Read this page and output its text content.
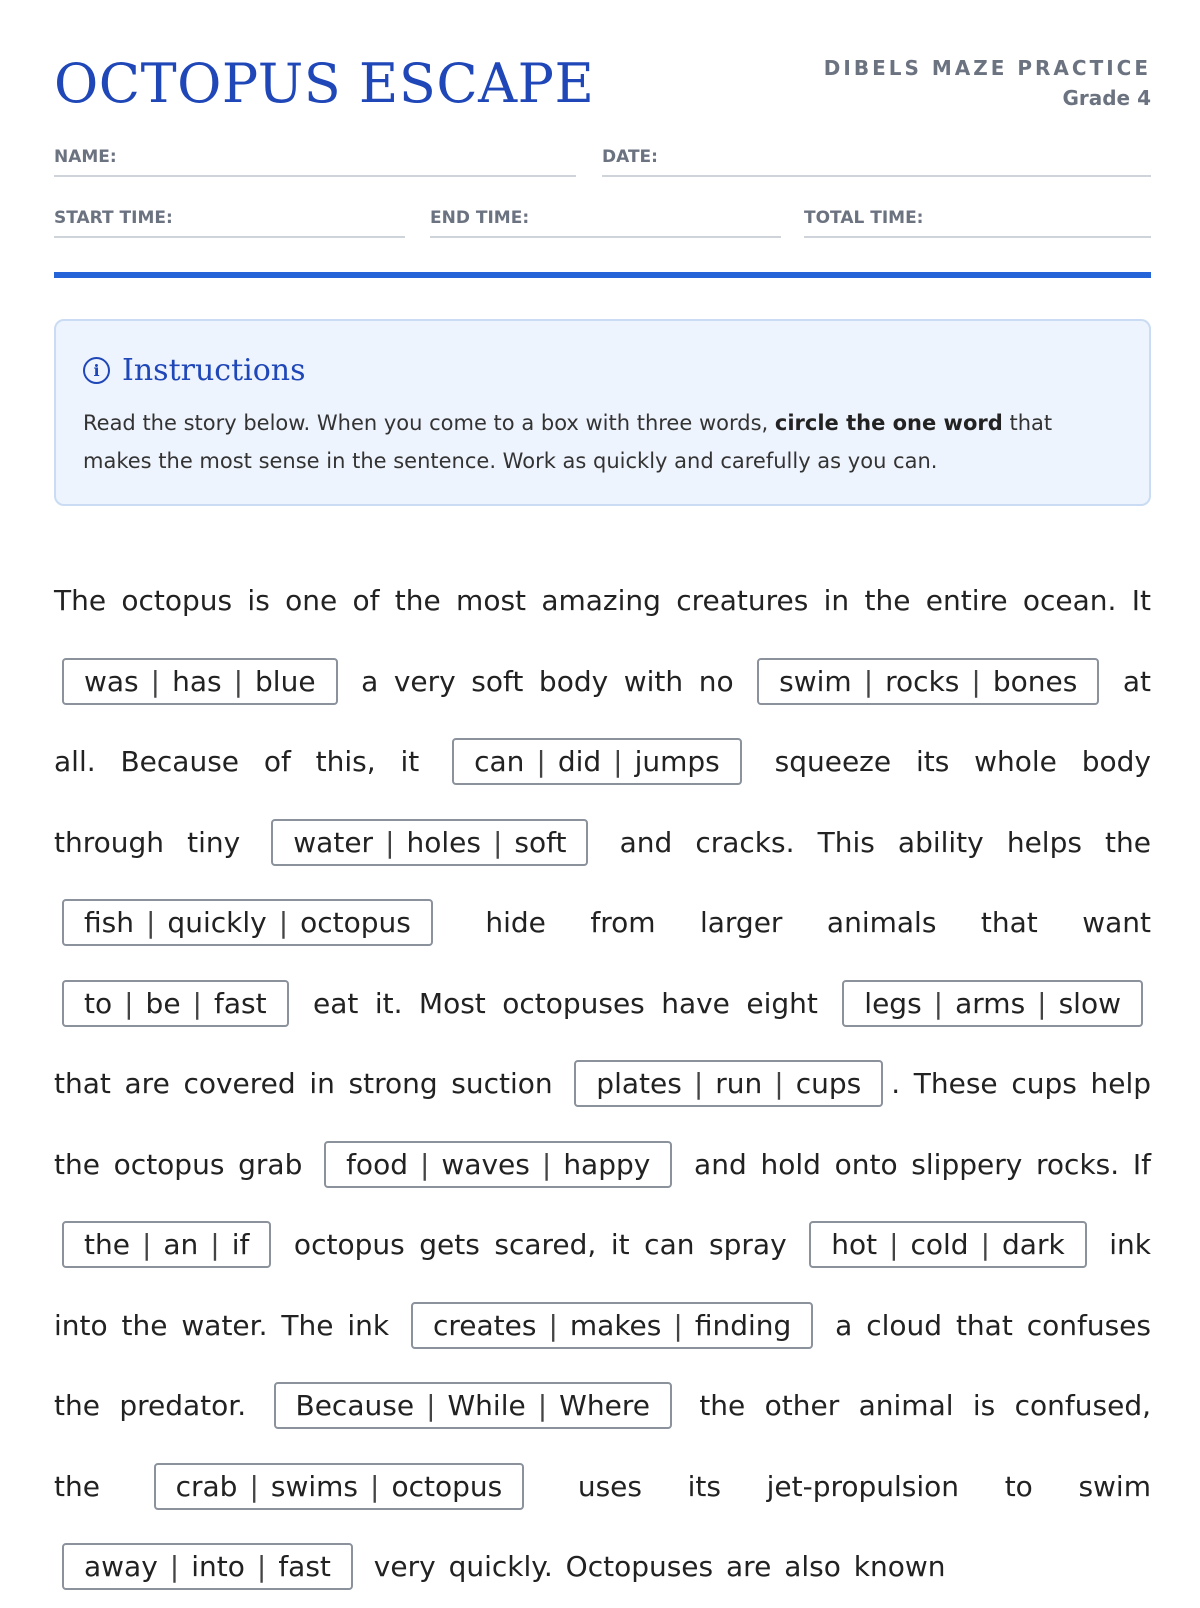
OCTOPUS ESCAPE	DIBELS MAZE PRACTICE
Grade 4
NAME:	DATE:
START TIME:	END TIME:	TOTAL TIME:
i Instructions
Read the story below. When you come to a box with three words, circle the one word that makes the most sense in the sentence. Work as quickly and carefully as you can.
The octopus is one of the most amazing creatures in the entire ocean. It was | has | blue a very soft body with no swim | rocks | bones at all. Because of this, it can | did | jumps squeeze its whole body through tiny water | holes | soft and cracks. This ability helps the fish | quickly | octopus hide from larger animals that want to | be | fast eat it. Most octopuses have eight legs | arms | slow that are covered in strong suction plates | run | cups . These cups help the octopus grab food | waves | happy and hold onto slippery rocks. If the | an | if octopus gets scared, it can spray hot | cold | dark ink into the water. The ink creates | makes | finding a cloud that confuses the predator. Because | While | Where the other animal is confused, the crab | swims | octopus uses its jet-propulsion to swim away | into | fast very quickly. Octopuses are also known
